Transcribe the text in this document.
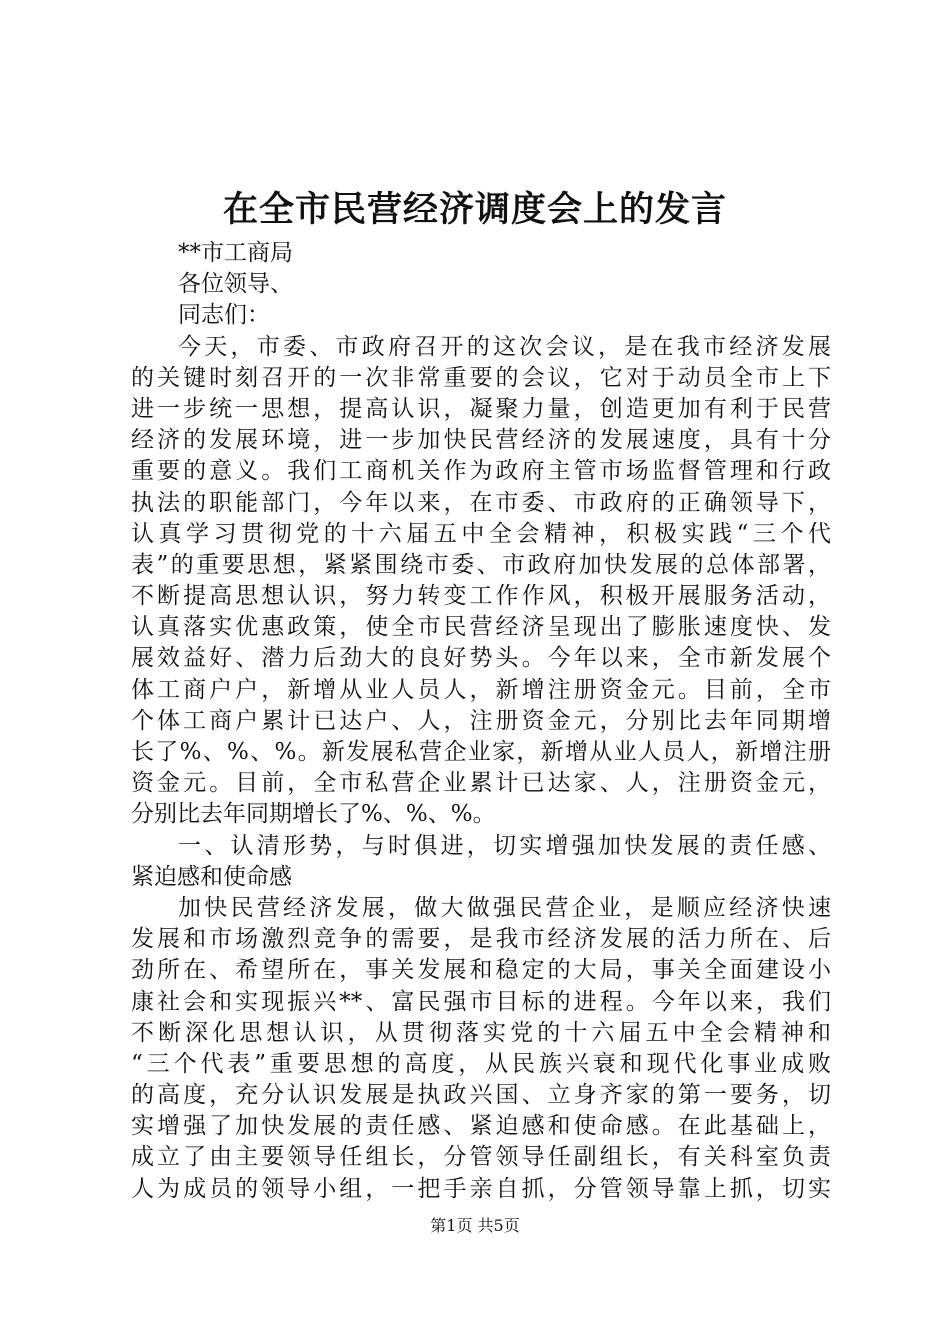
在全市民营经济调度会上的发言
**市工商局
各位领导、
同志们：
今天，市委、市政府召开的这次会议，是在我市经济发展
的关键时刻召开的一次非常重要的会议，它对于动员全市上下
进一步统一思想，提高认识，凝聚力量，创造更加有利于民营
经济的发展环境，进一步加快民营经济的发展速度，具有十分
重要的意义。我们工商机关作为政府主管市场监督管理和行政
执法的职能部门，今年以来，在市委、市政府的正确领导下，
认真学习贯彻党的十六届五中全会精神，积极实践“三个代
表”的重要思想，紧紧围绕市委、市政府加快发展的总体部署，
不断提高思想认识，努力转变工作作风，积极开展服务活动，
认真落实优惠政策，使全市民营经济呈现出了膨胀速度快、发
展效益好、潜力后劲大的良好势头。今年以来，全市新发展个
体工商户户，新增从业人员人，新增注册资金元。目前，全市
个体工商户累计已达户、人，注册资金元，分别比去年同期增
长了%、%、%。新发展私营企业家，新增从业人员人，新增注册
资金元。目前，全市私营企业累计已达家、人，注册资金元，
分别比去年同期增长了%、%、%。
一、认清形势，与时俱进，切实增强加快发展的责任感、
紧迫感和使命感
加快民营经济发展，做大做强民营企业，是顺应经济快速
发展和市场激烈竞争的需要，是我市经济发展的活力所在、后
劲所在、希望所在，事关发展和稳定的大局，事关全面建设小
康社会和实现振兴**、富民强市目标的进程。今年以来，我们
不断深化思想认识，从贯彻落实党的十六届五中全会精神和
“三个代表”重要思想的高度，从民族兴衰和现代化事业成败
的高度，充分认识发展是执政兴国、立身齐家的第一要务，切
实增强了加快发展的责任感、紧迫感和使命感。在此基础上，
成立了由主要领导任组长，分管领导任副组长，有关科室负责
人为成员的领导小组，一把手亲自抓，分管领导靠上抓，切实
第1页 共5页
